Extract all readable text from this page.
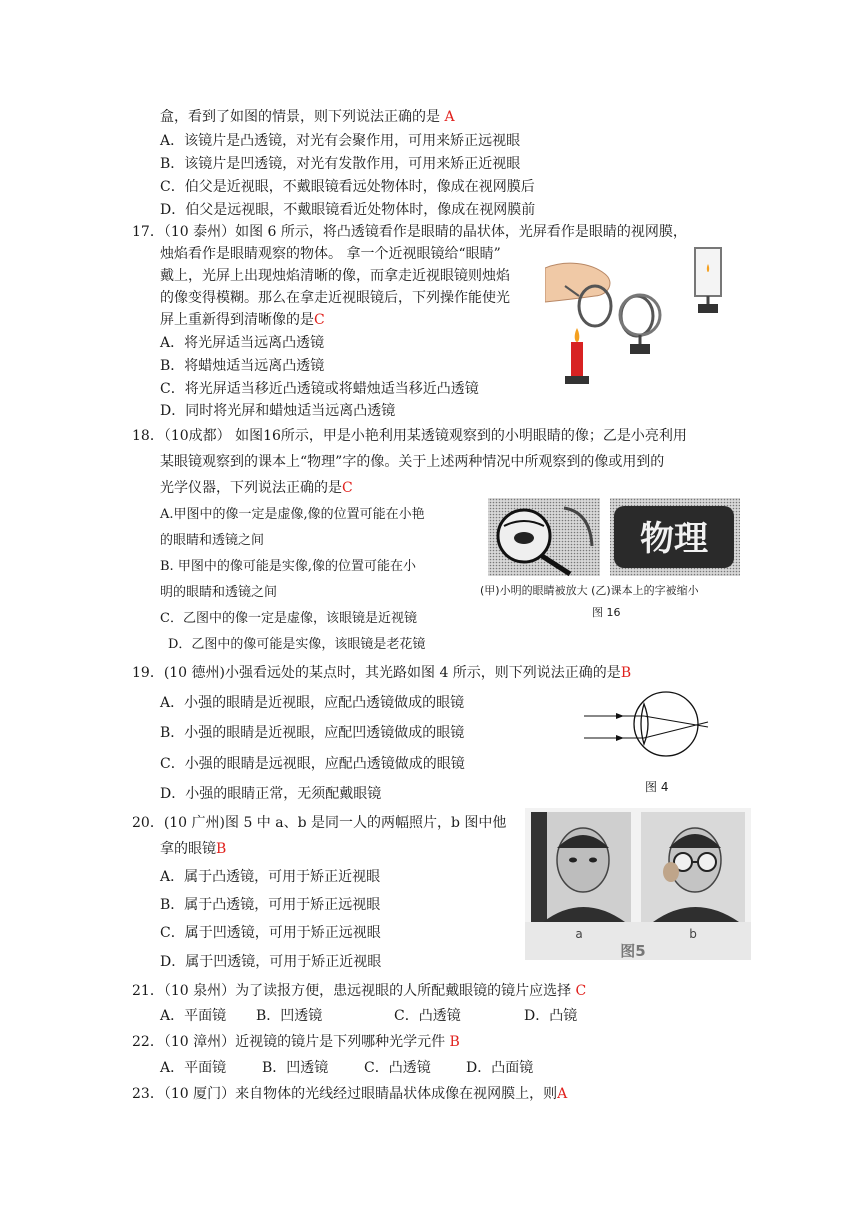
盒，看到了如图的情景，则下列说法正确的是 A
A．该镜片是凸透镜，对光有会聚作用，可用来矫正远视眼
B．该镜片是凹透镜，对光有发散作用，可用来矫正近视眼
C．伯父是近视眼，不戴眼镜看远处物体时，像成在视网膜后
D．伯父是远视眼，不戴眼镜看近处物体时，像成在视网膜前
17．（10 泰州）如图 6 所示，将凸透镜看作是眼睛的晶状体，光屏看作是眼睛的视网膜，
烛焰看作是眼睛观察的物体。 拿一个近视眼镜给“眼睛”
戴上，光屏上出现烛焰清晰的像，而拿走近视眼镜则烛焰
的像变得模糊。那么在拿走近视眼镜后，下列操作能使光
屏上重新得到清晰像的是C
A．将光屏适当远离凸透镜
B．将蜡烛适当远离凸透镜
C．将光屏适当移近凸透镜或将蜡烛适当移近凸透镜
D．同时将光屏和蜡烛适当远离凸透镜
18．（10成都） 如图16所示，甲是小艳利用某透镜观察到的小明眼睛的像；乙是小亮利用
某眼镜观察到的课本上“物理”字的像。关于上述两种情况中所观察到的像或用到的
光学仪器，下列说法正确的是C
A.甲图中的像一定是虚像,像的位置可能在小艳
的眼睛和透镜之间
B. 甲图中的像可能是实像,像的位置可能在小
明的眼睛和透镜之间
C．乙图中的像一定是虚像，该眼镜是近视镜
D．乙图中的像可能是实像，该眼镜是老花镜
物理
(甲)小明的眼睛被放大 (乙)课本上的字被缩小
图 16
19．(10 德州)小强看远处的某点时，其光路如图 4 所示，则下列说法正确的是B
A．小强的眼睛是近视眼，应配凸透镜做成的眼镜
B．小强的眼睛是近视眼，应配凹透镜做成的眼镜
C．小强的眼睛是远视眼，应配凸透镜做成的眼镜
D．小强的眼睛正常，无须配戴眼镜	图 4
20．(10 广州)图 5 中 a、b 是同一人的两幅照片，b 图中他
拿的眼镜B
A．属于凸透镜，可用于矫正近视眼
B．属于凸透镜，可用于矫正远视眼
C．属于凹透镜，可用于矫正远视眼
D．属于凹透镜，可用于矫正近视眼
a	b
图5
21．（10 泉州）为了读报方便，患远视眼的人所配戴眼镜的镜片应选择 C
A．平面镜 B．凹透镜	C．凸透镜	D．凸镜
22．（10 漳州）近视镜的镜片是下列哪种光学元件 B
A．平面镜	B．凹透镜	C．凸透镜	D．凸面镜
23．（10 厦门）来自物体的光线经过眼睛晶状体成像在视网膜上，则A
